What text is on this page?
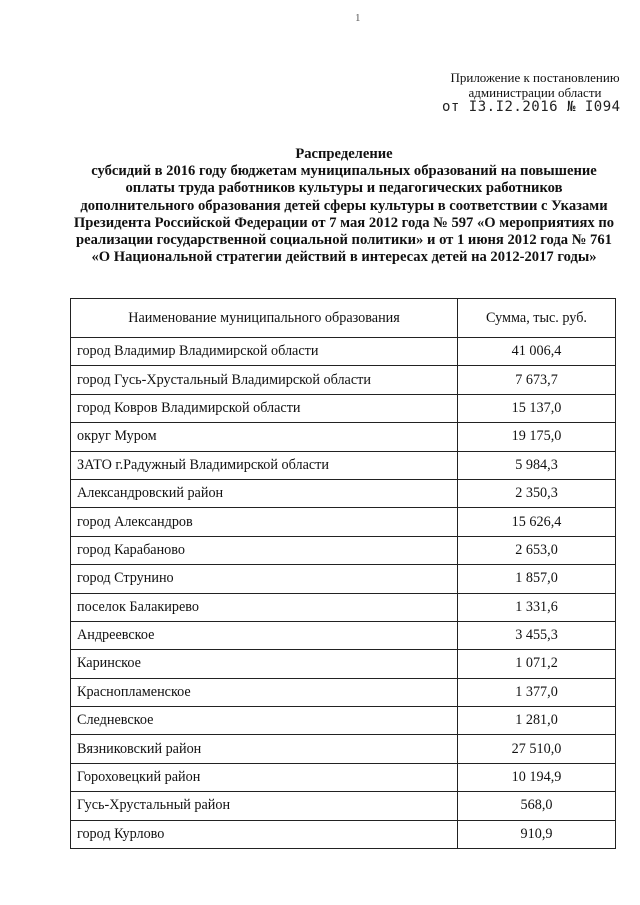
1
Приложение к постановлению
администрации области
от I3.I2.2016 № I094
Распределение
субсидий в 2016 году бюджетам муниципальных образований на повышение оплаты труда работников культуры и педагогических работников дополнительного образования детей сферы культуры в соответствии с Указами Президента Российской Федерации от 7 мая 2012 года № 597 «О мероприятиях по реализации государственной социальной политики» и от 1 июня 2012 года № 761 «О Национальной стратегии действий в интересах детей на 2012-2017 годы»
Наименование муниципального образования	Сумма, тыс. руб.
город Владимир Владимирской области	41 006,4
город Гусь-Хрустальный Владимирской области	7 673,7
город Ковров Владимирской области	15 137,0
округ Муром	19 175,0
ЗАТО г.Радужный Владимирской области	5 984,3
Александровский район	2 350,3
город Александров	15 626,4
город Карабаново	2 653,0
город Струнино	1 857,0
поселок Балакирево	1 331,6
Андреевское	3 455,3
Каринское	1 071,2
Краснопламенское	1 377,0
Следневское	1 281,0
Вязниковский район	27 510,0
Гороховецкий район	10 194,9
Гусь-Хрустальный район	568,0
город Курлово	910,9
